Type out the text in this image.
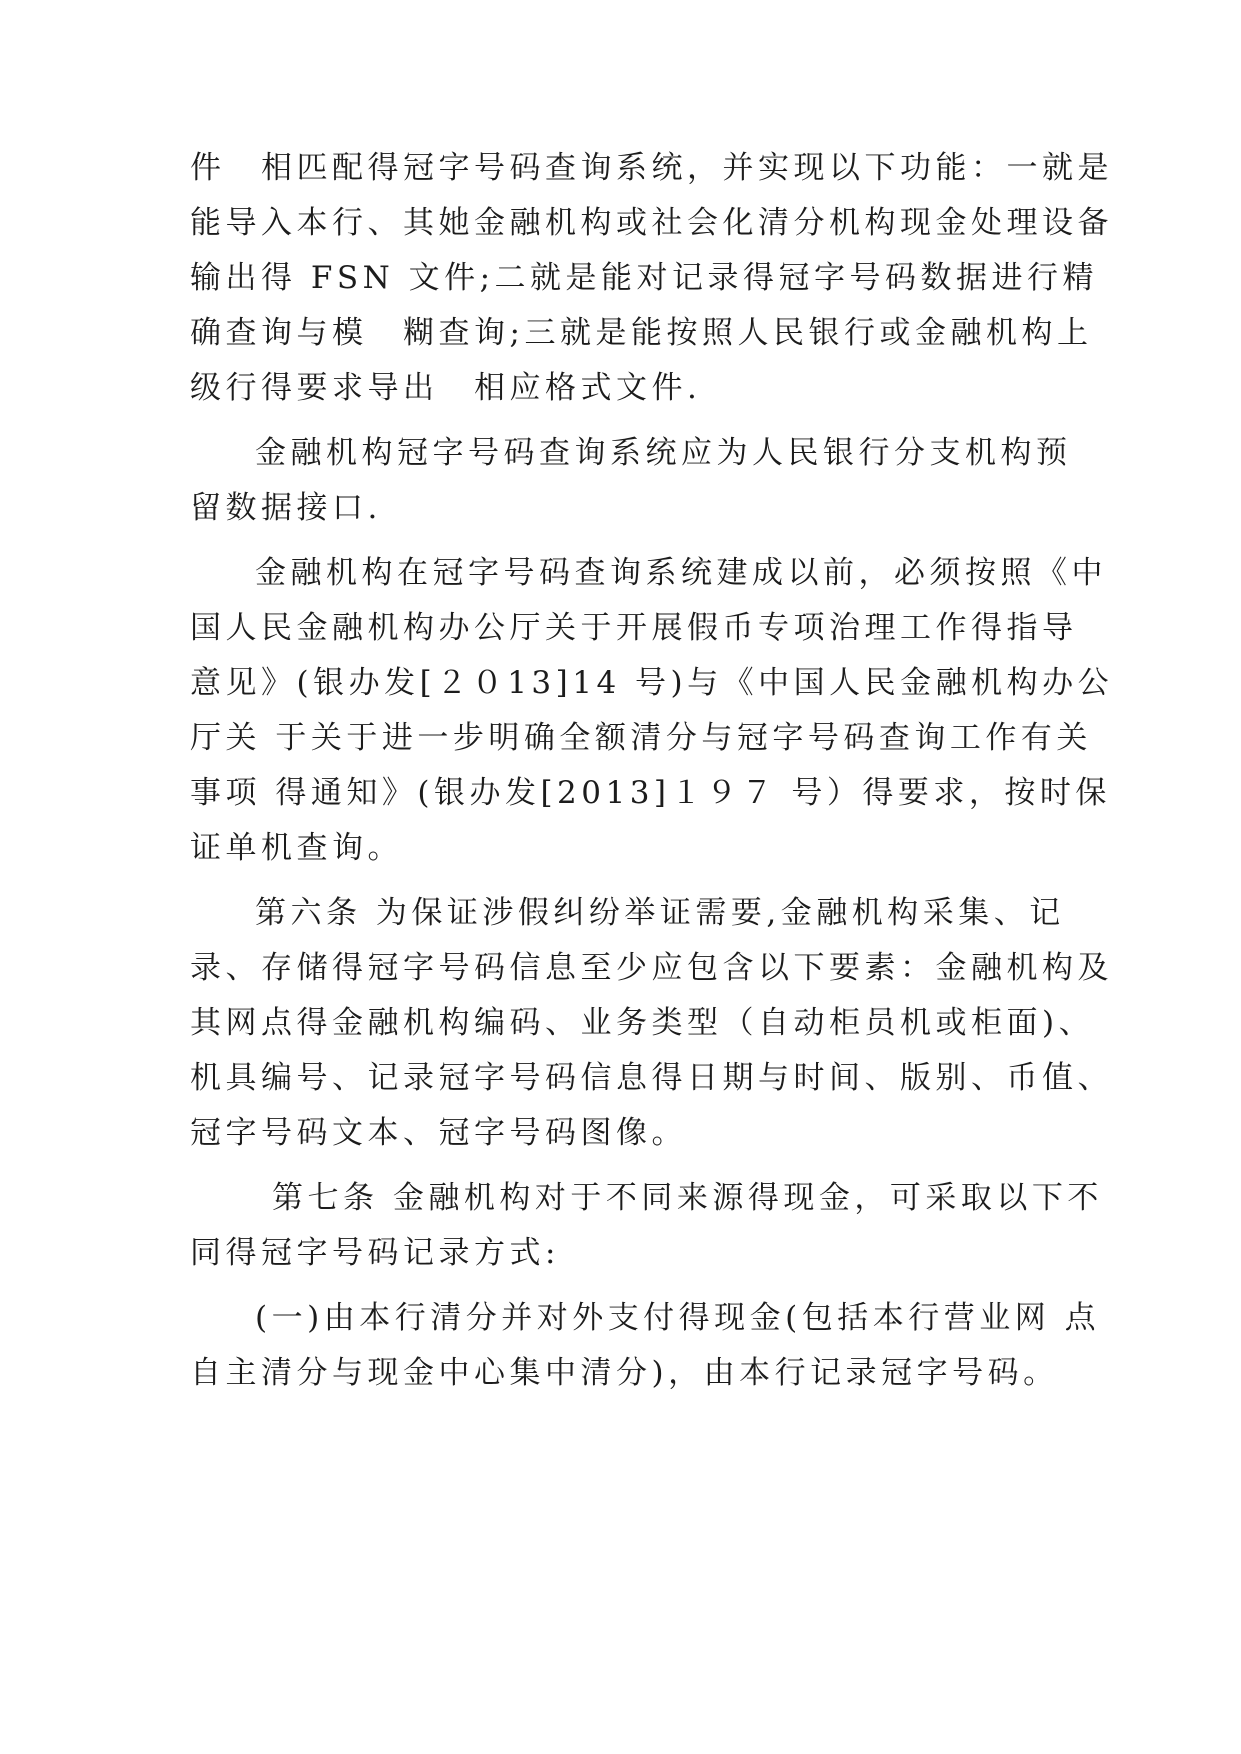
件　相匹配得冠字号码查询系统，并实现以下功能：一就是
能导入本行、其她金融机构或社会化清分机构现金处理设备
输出得 FSN 文件;二就是能对记录得冠字号码数据进行精
确查询与模　糊查询;三就是能按照人民银行或金融机构上
级行得要求导出　相应格式文件.
金融机构冠字号码查询系统应为人民银行分支机构预
留数据接口.
金融机构在冠字号码查询系统建成以前，必须按照《中
国人民金融机构办公厅关于开展假币专项治理工作得指导
意见》(银办发[２０13]14 号)与《中国人民金融机构办公
厅关 于关于进一步明确全额清分与冠字号码查询工作有关
事项 得通知》(银办发[2013]１９７ 号）得要求，按时保
证单机查询。
第六条 为保证涉假纠纷举证需要,金融机构采集、记
录、存储得冠字号码信息至少应包含以下要素：金融机构及
其网点得金融机构编码、业务类型（自动柜员机或柜面)、
机具编号、记录冠字号码信息得日期与时间、版别、币值、
冠字号码文本、冠字号码图像。
第七条 金融机构对于不同来源得现金，可采取以下不
同得冠字号码记录方式:
(一)由本行清分并对外支付得现金(包括本行营业网 点
自主清分与现金中心集中清分)，由本行记录冠字号码。
